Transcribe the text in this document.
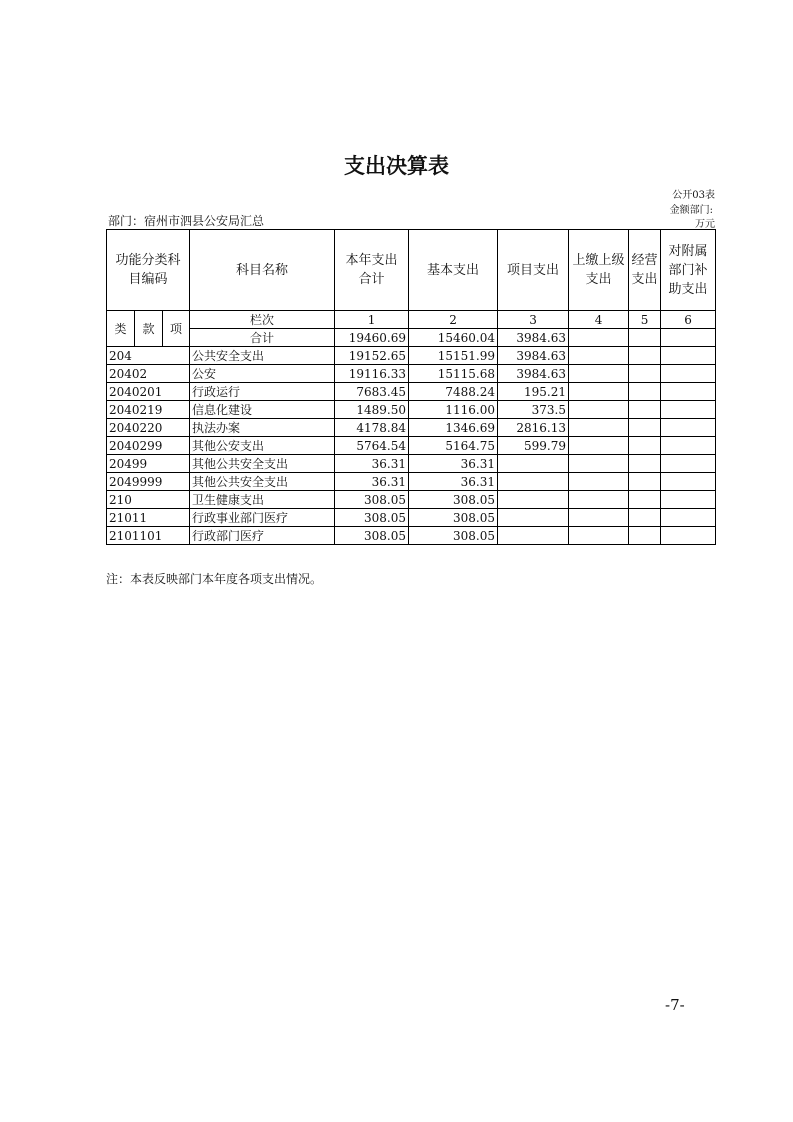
支出决算表
公开03表
金额部门:
万元
部门：宿州市泗县公安局汇总
功能分类科目编码			科目名称	本年支出合计	基本支出	项目支出	上缴上级支出	经营支出	对附属部门补助支出
类	款	项	栏次	1	2	3	4	5	6
			合计	19460.69	15460.04	3984.63			
204			公共安全支出	19152.65	15151.99	3984.63			
20402			公安	19116.33	15115.68	3984.63			
2040201			行政运行	7683.45	7488.24	195.21			
2040219			信息化建设	1489.50	1116.00	373.5			
2040220			执法办案	4178.84	1346.69	2816.13			
2040299			其他公安支出	5764.54	5164.75	599.79			
20499			其他公共安全支出	36.31	36.31				
2049999			其他公共安全支出	36.31	36.31				
210			卫生健康支出	308.05	308.05				
21011			行政事业部门医疗	308.05	308.05				
2101101			行政部门医疗	308.05	308.05				
注：本表反映部门本年度各项支出情况。
-7-
